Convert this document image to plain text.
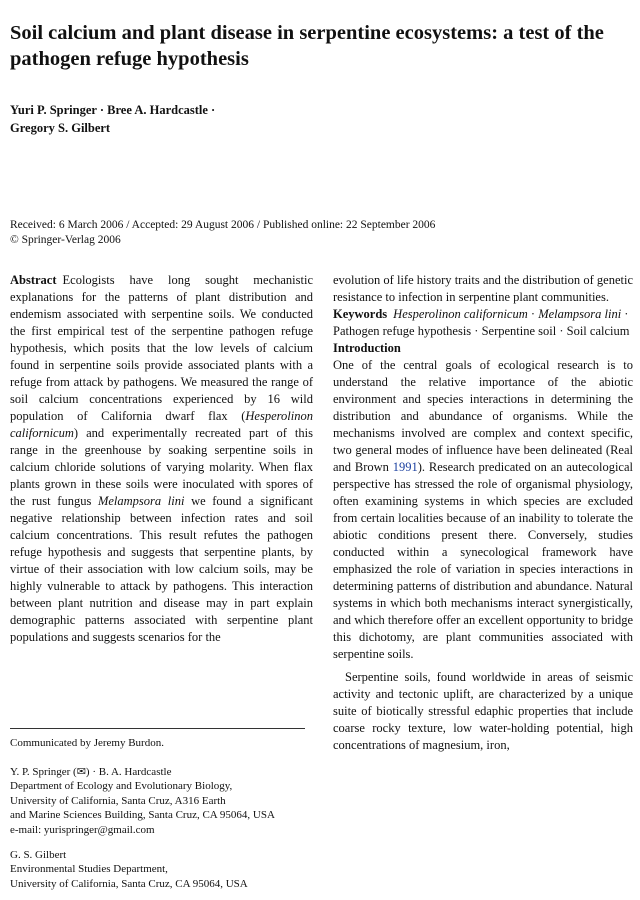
Soil calcium and plant disease in serpentine ecosystems: a test of the pathogen refuge hypothesis
Yuri P. Springer · Bree A. Hardcastle ·
Gregory S. Gilbert
Received: 6 March 2006 / Accepted: 29 August 2006 / Published online: 22 September 2006
© Springer-Verlag 2006

Abstract Ecologists have long sought mechanistic explanations for the patterns of plant distribution and endemism associated with serpentine soils. We conducted the first empirical test of the serpentine pathogen refuge hypothesis, which posits that the low levels of calcium found in serpentine soils provide associated plants with a refuge from attack by pathogens. We measured the range of soil calcium concentrations experienced by 16 wild population of California dwarf flax (Hesperolinon californicum) and experimentally recreated part of this range in the greenhouse by soaking serpentine soils in calcium chloride solutions of varying molarity. When flax plants grown in these soils were inoculated with spores of the rust fungus Melampsora lini we found a significant negative relationship between infection rates and soil calcium concentrations. This result refutes the pathogen refuge hypothesis and suggests that serpentine plants, by virtue of their association with low calcium soils, may be highly vulnerable to attack by pathogens. This interaction between plant nutrition and disease may in part explain demographic patterns associated with serpentine plant populations and suggests scenarios for the

Communicated by Jeremy Burdon.

Y. P. Springer (✉) · B. A. Hardcastle

Department of Ecology and Evolutionary Biology,

University of California, Santa Cruz, A316 Earth

and Marine Sciences Building, Santa Cruz, CA 95064, USA

e-mail: yurispringer@gmail.com

G. S. Gilbert

Environmental Studies Department,

University of California, Santa Cruz, CA 95064, USA

evolution of life history traits and the distribution of genetic resistance to infection in serpentine plant communities.

Keywords Hesperolinon californicum · Melampsora lini · Pathogen refuge hypothesis · Serpentine soil · Soil calcium

Introduction

One of the central goals of ecological research is to understand the relative importance of the abiotic environment and species interactions in determining the distribution and abundance of organisms. While the mechanisms involved are complex and context specific, two general modes of influence have been delineated (Real and Brown 1991). Research predicated on an autecological perspective has stressed the role of organismal physiology, often examining systems in which species are excluded from certain localities because of an inability to tolerate the abiotic conditions present there. Conversely, studies conducted within a synecological framework have emphasized the role of variation in species interactions in determining patterns of distribution and abundance. Natural systems in which both mechanisms interact synergistically, and which therefore offer an excellent opportunity to bridge this dichotomy, are plant communities associated with serpentine soils.

Serpentine soils, found worldwide in areas of seismic activity and tectonic uplift, are characterized by a unique suite of biotically stressful edaphic properties that include coarse rocky texture, low water-holding potential, high concentrations of magnesium, iron,
